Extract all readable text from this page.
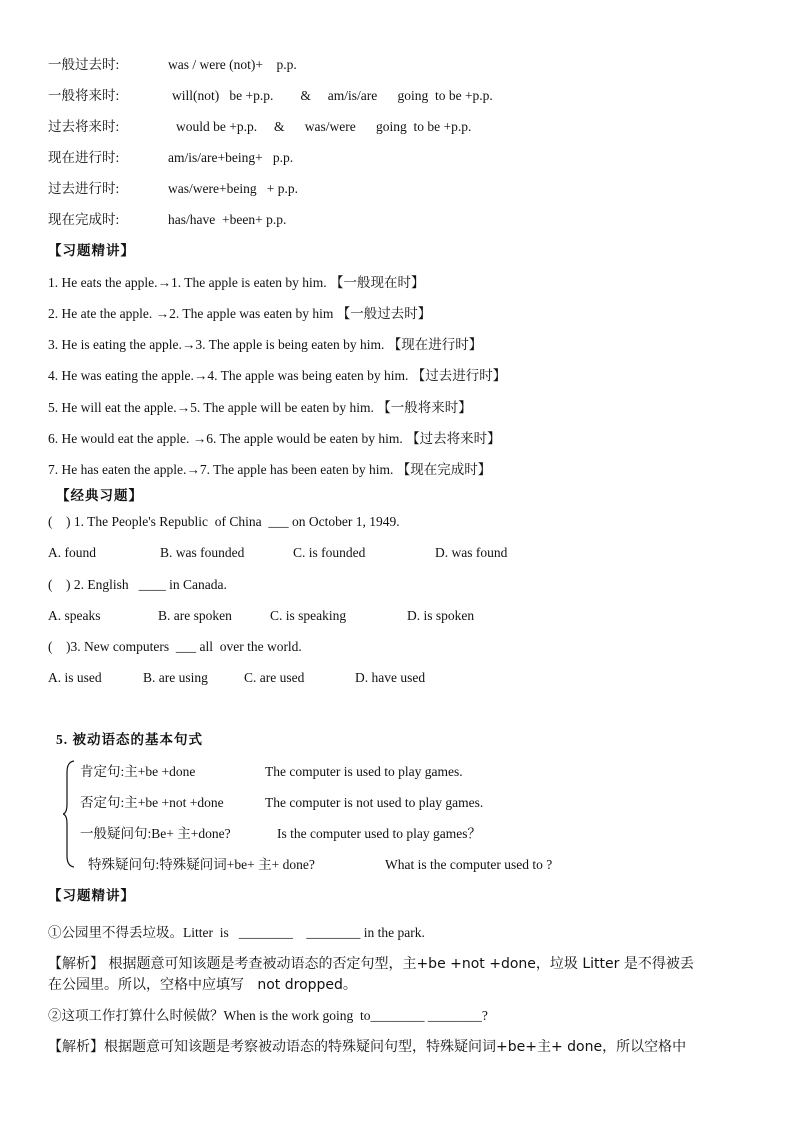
一般过去时:	was / were (not)+    p.p.
一般将来时:	will(not)   be +p.p.        &     am/is/are      going  to be +p.p.
过去将来时:	would be +p.p.     &      was/were      going  to be +p.p.
现在进行时:	am/is/are+being+   p.p.
过去进行时:	was/were+being   + p.p.
现在完成时:	has/have  +been+ p.p.
【习题精讲】
1. He eats the apple.→1. The apple is eaten by him. 【一般现在时】
2. He ate the apple. →2. The apple was eaten by him 【一般过去时】
3. He is eating the apple.→3. The apple is being eaten by him. 【现在进行时】
4. He was eating the apple.→4. The apple was being eaten by him. 【过去进行时】
5. He will eat the apple.→5. The apple will be eaten by him. 【一般将来时】
6. He would eat the apple. →6. The apple would be eaten by him. 【过去将来时】
7. He has eaten the apple.→7. The apple has been eaten by him. 【现在完成时】
【经典习题】
(    ) 1. The People's Republic  of China  ___ on October 1, 1949.
A. found	B. was founded	C. is founded	D. was found
(    ) 2. English   ____ in Canada.
A. speaks	B. are spoken	C. is speaking	D. is spoken
(    )3. New computers  ___ all  over the world.
A. is used	B. are using	C. are used	D. have used
5. 被动语态的基本句式
肯定句:主+be +done	The computer is used to play games.
否定句:主+be +not +done	The computer is not used to play games.
一般疑问句:Be+ 主+done?	Is the computer used to play games？
特殊疑问句:特殊疑问词+be+ 主+ done?	What is the computer used to ?
【习题精讲】
①公园里不得丢垃圾。Litter  is   ________    ________ in the park.
【解析】 根据题意可知该题是考查被动语态的否定句型，主+be +not +done，垃圾 Litter 是不得被丢
在公园里。所以，空格中应填写   not dropped。
②这项工作打算什么时候做？When is the work going  to________ ________?
【解析】根据题意可知该题是考察被动语态的特殊疑问句型，特殊疑问词+be+主+ done，所以空格中
